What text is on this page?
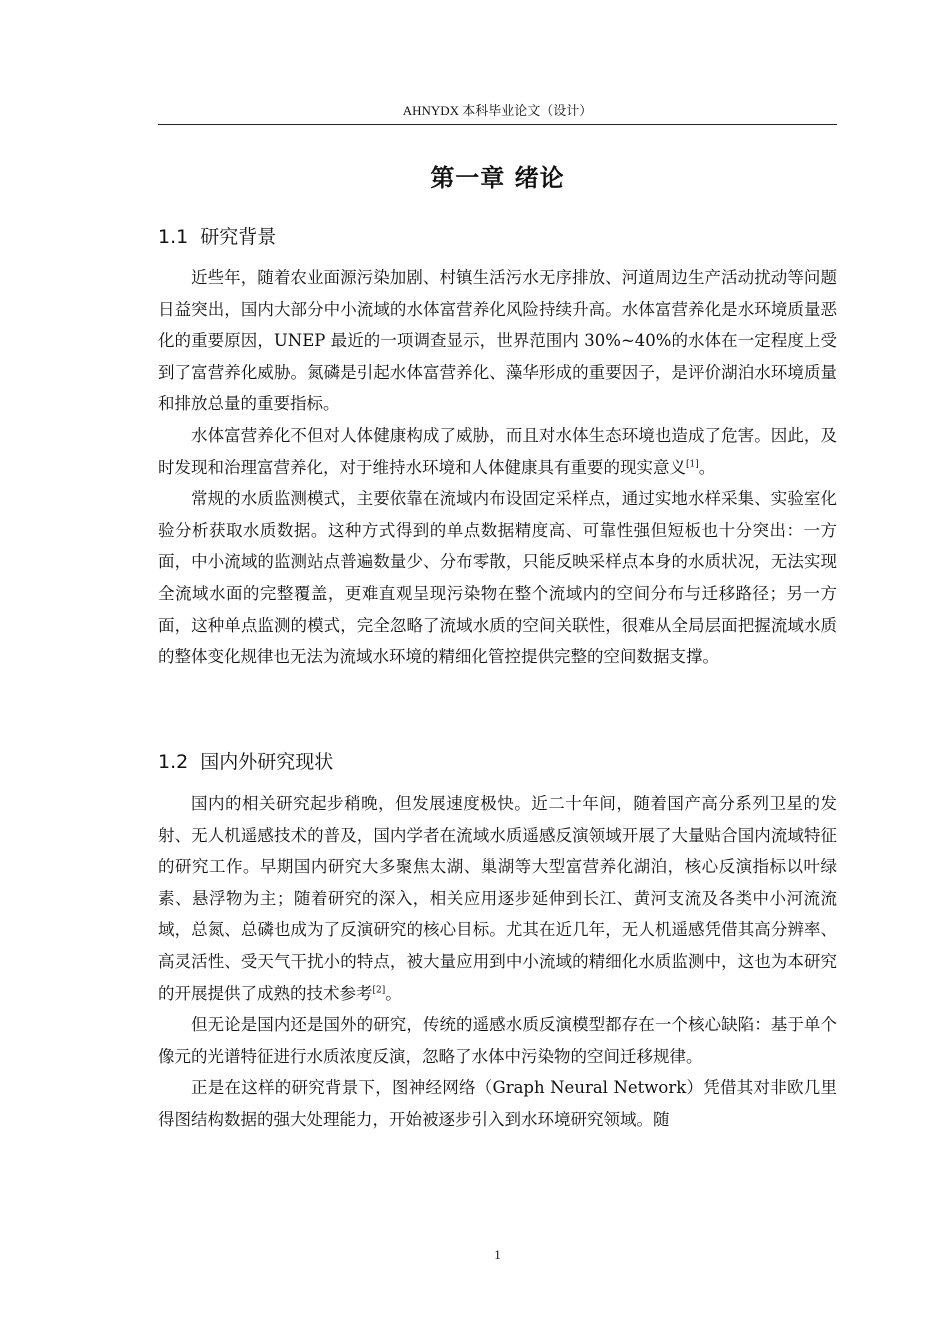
AHNYDX 本科毕业论文（设计）
第一章 绪论
1.1 研究背景

近些年，随着农业面源污染加剧、村镇生活污水无序排放、河道周边生产活动扰动等问题日益突出，国内大部分中小流域的水体富营养化风险持续升高。水体富营养化是水环境质量恶化的重要原因，UNEP 最近的一项调查显示，世界范围内 30%~40%的水体在一定程度上受到了富营养化威胁。氮磷是引起水体富营养化、藻华形成的重要因子，是评价湖泊水环境质量和排放总量的重要指标。

水体富营养化不但对人体健康构成了威胁，而且对水体生态环境也造成了危害。因此，及时发现和治理富营养化，对于维持水环境和人体健康具有重要的现实意义[1]。

常规的水质监测模式，主要依靠在流域内布设固定采样点，通过实地水样采集、实验室化验分析获取水质数据。这种方式得到的单点数据精度高、可靠性强但短板也十分突出：一方面，中小流域的监测站点普遍数量少、分布零散，只能反映采样点本身的水质状况，无法实现全流域水面的完整覆盖，更难直观呈现污染物在整个流域内的空间分布与迁移路径；另一方面，这种单点监测的模式，完全忽略了流域水质的空间关联性，很难从全局层面把握流域水质的整体变化规律也无法为流域水环境的精细化管控提供完整的空间数据支撑。

1.2 国内外研究现状

国内的相关研究起步稍晚，但发展速度极快。近二十年间，随着国产高分系列卫星的发射、无人机遥感技术的普及，国内学者在流域水质遥感反演领域开展了大量贴合国内流域特征的研究工作。早期国内研究大多聚焦太湖、巢湖等大型富营养化湖泊，核心反演指标以叶绿素、悬浮物为主；随着研究的深入，相关应用逐步延伸到长江、黄河支流及各类中小河流流域，总氮、总磷也成为了反演研究的核心目标。尤其在近几年，无人机遥感凭借其高分辨率、高灵活性、受天气干扰小的特点，被大量应用到中小流域的精细化水质监测中，这也为本研究的开展提供了成熟的技术参考[2]。

但无论是国内还是国外的研究，传统的遥感水质反演模型都存在一个核心缺陷：基于单个像元的光谱特征进行水质浓度反演，忽略了水体中污染物的空间迁移规律。

正是在这样的研究背景下，图神经网络（Graph Neural Network）凭借其对非欧几里得图结构数据的强大处理能力，开始被逐步引入到水环境研究领域。随

1
